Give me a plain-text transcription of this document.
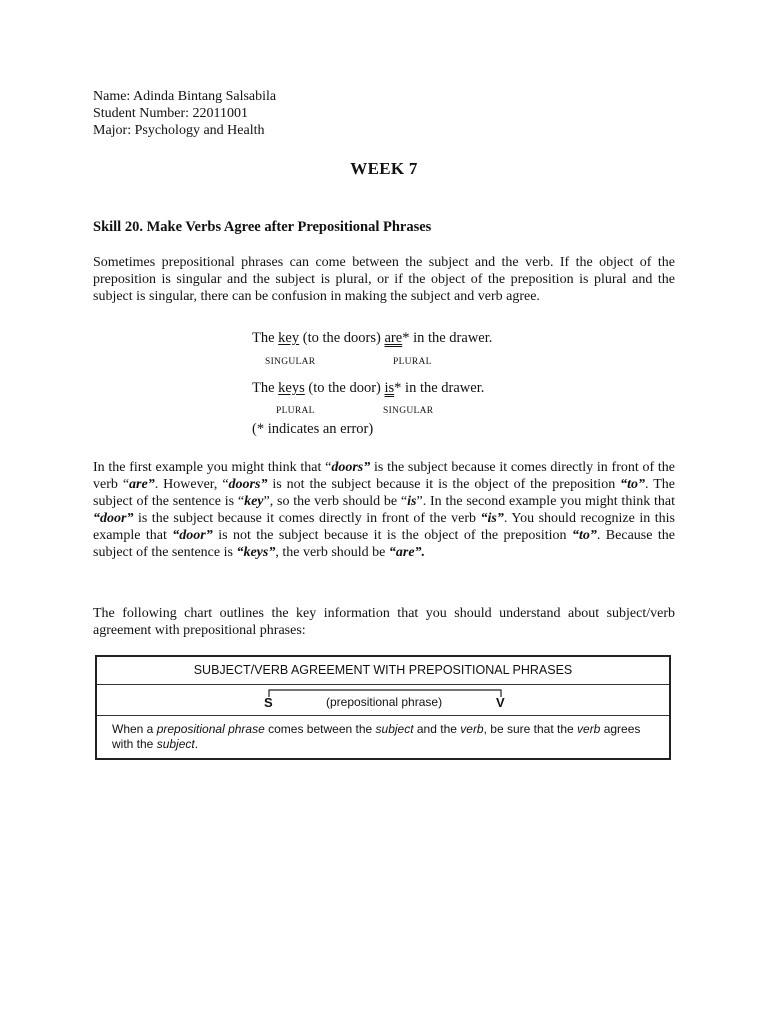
Name: Adinda Bintang Salsabila
Student Number: 22011001
Major: Psychology and Health
WEEK 7
Skill 20. Make Verbs Agree after Prepositional Phrases
Sometimes prepositional phrases can come between the subject and the verb. If the object of the preposition is singular and the subject is plural, or if the object of the preposition is plural and the subject is singular, there can be confusion in making the subject and verb agree.
The key (to the doors) are* in the drawer.
SINGULAR	PLURAL
The keys (to the door) is* in the drawer.
PLURAL	SINGULAR
(* indicates an error)
In the first example you might think that “doors” is the subject because it comes directly in front of the verb “are”. However, “doors” is not the subject because it is the object of the preposition “to”. The subject of the sentence is “key”, so the verb should be “is”. In the second example you might think that “door” is the subject because it comes directly in front of the verb “is”. You should recognize in this example that “door” is not the subject because it is the object of the preposition “to”. Because the subject of the sentence is “keys”, the verb should be “are”.
The following chart outlines the key information that you should understand about subject/verb agreement with prepositional phrases:
SUBJECT/VERB AGREEMENT WITH PREPOSITIONAL PHRASES
S	(prepositional phrase)	V
When a prepositional phrase comes between the subject and the verb, be sure that the verb agrees with the subject.
